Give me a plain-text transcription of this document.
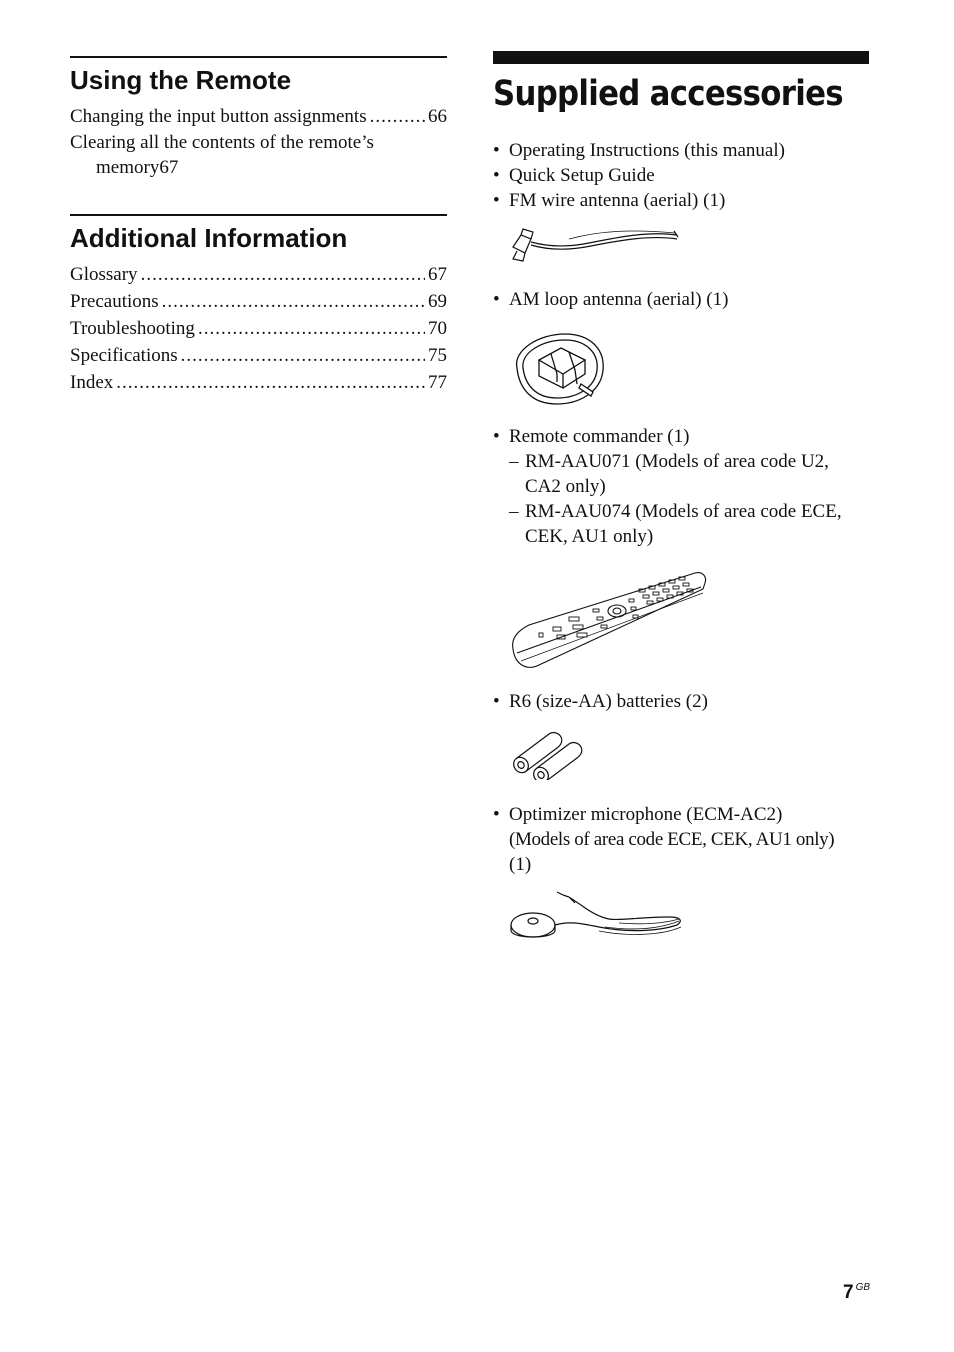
Using the Remote
Changing the input button assignments .....	66
Clearing all the contents of the remote’s
memory 67
Additional Information
Glossary .....	67
Precautions .....	69
Troubleshooting .....	70
Specifications .....	75
Index .....	77
Supplied accessories
• Operating Instructions (this manual)
• Quick Setup Guide
• FM wire antenna (aerial) (1)
• AM loop antenna (aerial) (1)
• Remote commander (1)
– RM-AAU071 (Models of area code U2,
CA2 only)
– RM-AAU074 (Models of area code ECE,
CEK, AU1 only)
• R6 (size-AA) batteries (2)
• Optimizer microphone (ECM-AC2)
(Models of area code ECE, CEK, AU1 only)
(1)
7 $^{GB}$
